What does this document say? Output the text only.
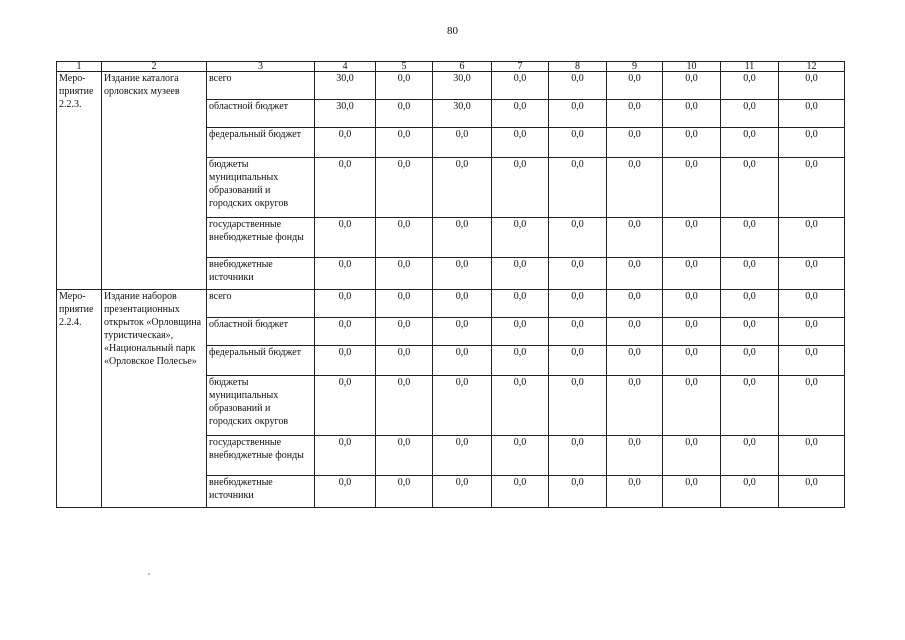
80
1	2	3	4	5	6	7	8	9	10	11	12

Меро-
приятие
2.2.3.	Издание каталога орловских музеев	всего	30,0	0,0	30,0	0,0	0,0	0,0	0,0	0,0	0,0
		областной бюджет	30,0	0,0	30,0	0,0	0,0	0,0	0,0	0,0	0,0
		федеральный бюджет	0,0	0,0	0,0	0,0	0,0	0,0	0,0	0,0	0,0
		бюджеты муниципальных образований и городских округов	0,0	0,0	0,0	0,0	0,0	0,0	0,0	0,0	0,0
		государственные внебюджетные фонды	0,0	0,0	0,0	0,0	0,0	0,0	0,0	0,0	0,0
		внебюджетные источники	0,0	0,0	0,0	0,0	0,0	0,0	0,0	0,0	0,0

Меро-
приятие
2.2.4.	Издание наборов презентационных открыток «Орловщина туристическая», «Национальный парк «Орловское Полесье»	всего	0,0	0,0	0,0	0,0	0,0	0,0	0,0	0,0	0,0
		областной бюджет	0,0	0,0	0,0	0,0	0,0	0,0	0,0	0,0	0,0
		федеральный бюджет	0,0	0,0	0,0	0,0	0,0	0,0	0,0	0,0	0,0
		бюджеты муниципальных образований и городских округов	0,0	0,0	0,0	0,0	0,0	0,0	0,0	0,0	0,0
		государственные внебюджетные фонды	0,0	0,0	0,0	0,0	0,0	0,0	0,0	0,0	0,0
		внебюджетные источники	0,0	0,0	0,0	0,0	0,0	0,0	0,0	0,0	0,0
